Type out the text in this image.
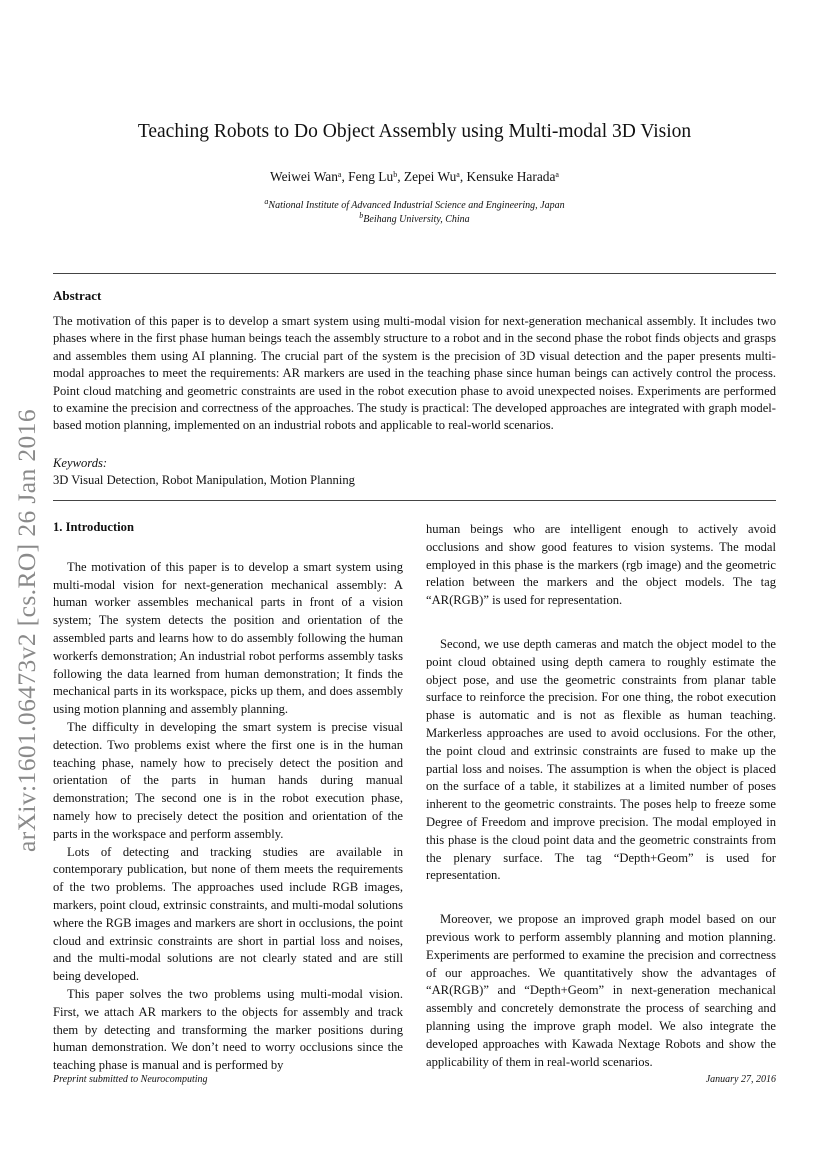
arXiv:1601.06473v2 [cs.RO] 26 Jan 2016
Teaching Robots to Do Object Assembly using Multi-modal 3D Vision
Weiwei Wan$^a$, Feng Lu$^b$, Zepei Wu$^a$, Kensuke Harada$^a$
$^a$National Institute of Advanced Industrial Science and Engineering, Japan
$^b$Beihang University, China
Abstract
The motivation of this paper is to develop a smart system using multi-modal vision for next-generation mechanical assembly. It includes two phases where in the first phase human beings teach the assembly structure to a robot and in the second phase the robot finds objects and grasps and assembles them using AI planning. The crucial part of the system is the precision of 3D visual detection and the paper presents multi-modal approaches to meet the requirements: AR markers are used in the teaching phase since human beings can actively control the process. Point cloud matching and geometric constraints are used in the robot execution phase to avoid unexpected noises. Experiments are performed to examine the precision and correctness of the approaches. The study is practical: The developed approaches are integrated with graph model-based motion planning, implemented on an industrial robots and applicable to real-world scenarios.
Keywords:
3D Visual Detection, Robot Manipulation, Motion Planning
1. Introduction

The motivation of this paper is to develop a smart system using multi-modal vision for next-generation mechanical assembly: A human worker assembles mechanical parts in front of a vision system; The system detects the position and orientation of the assembled parts and learns how to do assembly following the human workerfs demonstration; An industrial robot performs assembly tasks following the data learned from human demonstration; It finds the mechanical parts in its workspace, picks up them, and does assembly using motion planning and assembly planning.

The difficulty in developing the smart system is precise visual detection. Two problems exist where the first one is in the human teaching phase, namely how to precisely detect the position and orientation of the parts in human hands during manual demonstration; The second one is in the robot execution phase, namely how to precisely detect the position and orientation of the parts in the workspace and perform assembly.

Lots of detecting and tracking studies are available in contemporary publication, but none of them meets the requirements of the two problems. The approaches used include RGB images, markers, point cloud, extrinsic constraints, and multi-modal solutions where the RGB images and markers are short in occlusions, the point cloud and extrinsic constraints are short in partial loss and noises, and the multi-modal solutions are not clearly stated and are still being developed.

This paper solves the two problems using multi-modal vision. First, we attach AR markers to the objects for assembly and track them by detecting and transforming the marker positions during human demonstration. We don’t need to worry occlusions since the teaching phase is manual and is performed by

human beings who are intelligent enough to actively avoid occlusions and show good features to vision systems. The modal employed in this phase is the markers (rgb image) and the geometric relation between the markers and the object models. The tag “AR(RGB)” is used for representation.

Second, we use depth cameras and match the object model to the point cloud obtained using depth camera to roughly estimate the object pose, and use the geometric constraints from planar table surface to reinforce the precision. For one thing, the robot execution phase is automatic and is not as flexible as human teaching. Markerless approaches are used to avoid occlusions. For the other, the point cloud and extrinsic constraints are fused to make up the partial loss and noises. The assumption is when the object is placed on the surface of a table, it stabilizes at a limited number of poses inherent to the geometric constraints. The poses help to freeze some Degree of Freedom and improve precision. The modal employed in this phase is the cloud point data and the geometric constraints from the plenary surface. The tag “Depth+Geom” is used for representation.

Moreover, we propose an improved graph model based on our previous work to perform assembly planning and motion planning. Experiments are performed to examine the precision and correctness of our approaches. We quantitatively show the advantages of “AR(RGB)” and “Depth+Geom” in next-generation mechanical assembly and concretely demonstrate the process of searching and planning using the improve graph model. We also integrate the developed approaches with Kawada Nextage Robots and show the applicability of them in real-world scenarios.

Preprint submitted to Neurocomputing	January 27, 2016
